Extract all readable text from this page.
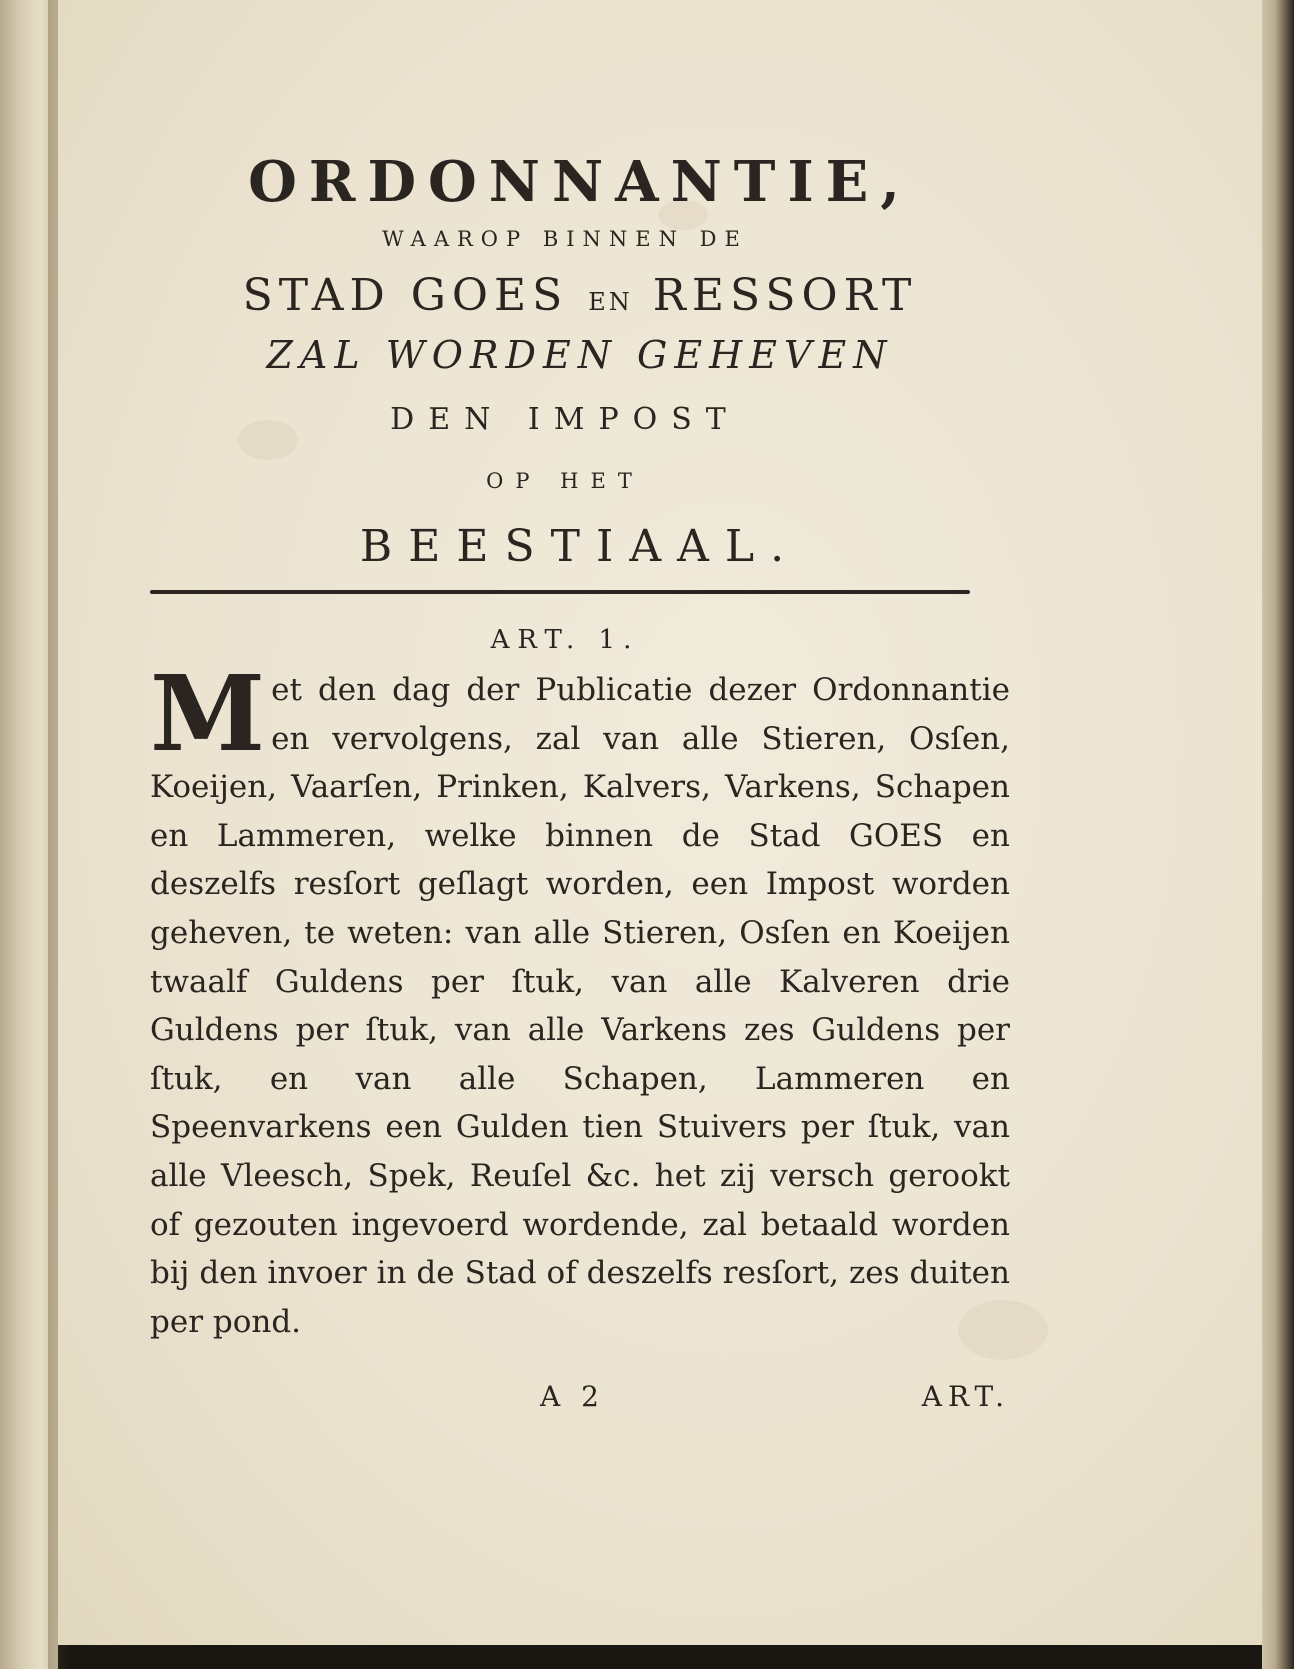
ORDONNANTIE,
WAAROP BINNEN DE
STAD GOES EN RESSORT
ZAL WORDEN GEHEVEN
DEN IMPOST
OP HET
BEESTIAAL.
ART. 1.
M et den dag der Publicatie dezer Ordonnantie en vervolgens, zal van alle Stieren, Osſen, Koeijen, Vaarſen, Prinken, Kalvers, Varkens, Schapen en Lammeren, welke binnen de Stad GOES en deszelfs resſort geſlagt worden, een Impost worden geheven, te weten: van alle Stieren, Osſen en Koeijen twaalf Guldens per ſtuk, van alle Kalveren drie Guldens per ſtuk, van alle Varkens zes Guldens per ſtuk, en van alle Schapen, Lammeren en Speenvarkens een Gulden tien Stuivers per ſtuk, van alle Vleesch, Spek, Reuſel &c. het zij versch gerookt of gezouten ingevoerd wordende, zal betaald worden bij den invoer in de Stad of deszelfs resſort, zes duiten per pond.
A 2	ART.
